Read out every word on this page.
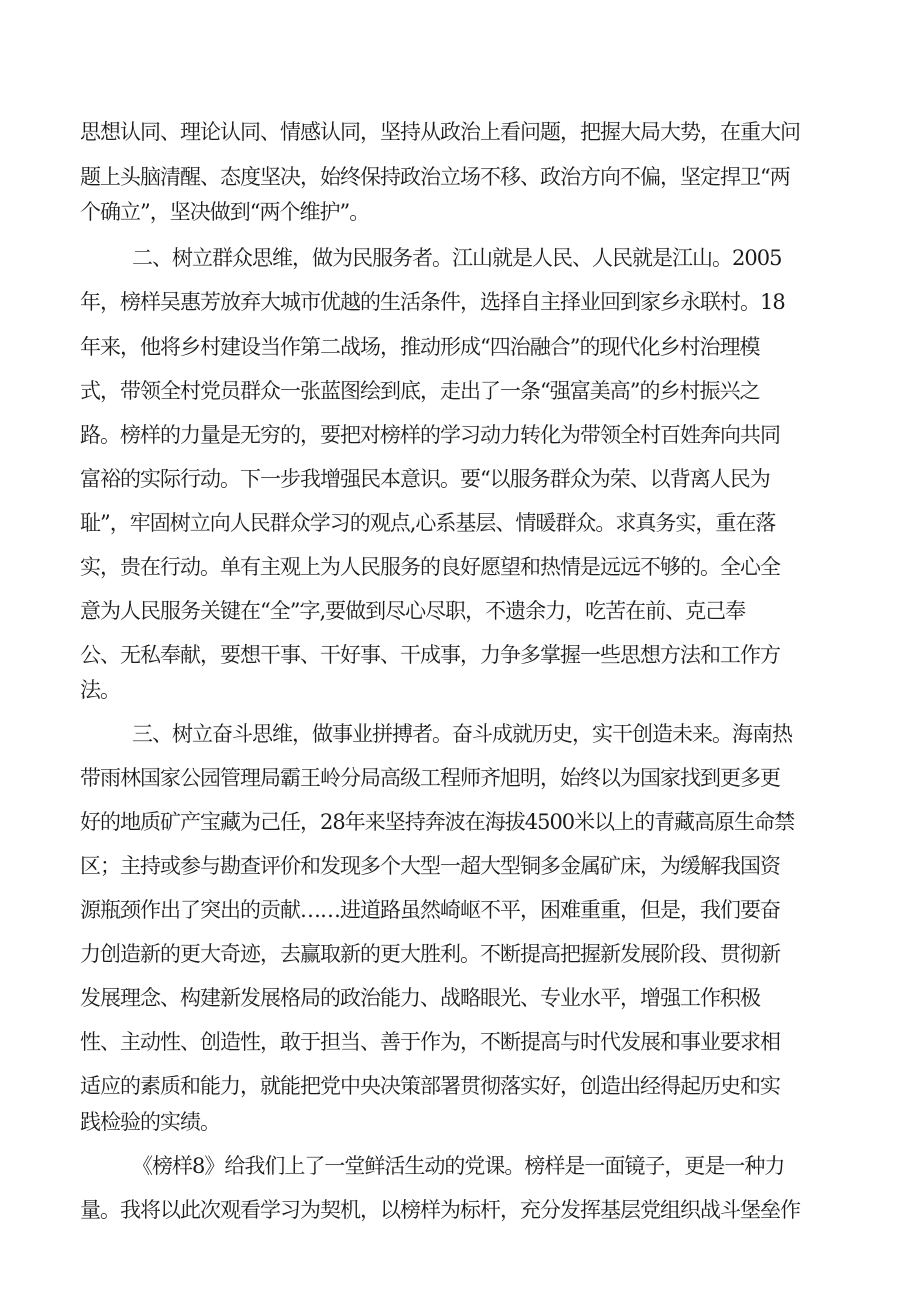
思想认同、理论认同、情感认同，坚持从政治上看问题，把握大局大势，在重大问
题上头脑清醒、态度坚决，始终保持政治立场不移、政治方向不偏，坚定捍卫“两
个确立”，坚决做到“两个维护”。
二、树立群众思维，做为民服务者。江山就是人民、人民就是江山。2005
年，榜样吴惠芳放弃大城市优越的生活条件，选择自主择业回到家乡永联村。18
年来，他将乡村建设当作第二战场，推动形成“四治融合”的现代化乡村治理模
式，带领全村党员群众一张蓝图绘到底，走出了一条“强富美高”的乡村振兴之
路。榜样的力量是无穷的，要把对榜样的学习动力转化为带领全村百姓奔向共同
富裕的实际行动。下一步我增强民本意识。要“以服务群众为荣、以背离人民为
耻”，牢固树立向人民群众学习的观点,心系基层、情暖群众。求真务实，重在落
实，贵在行动。单有主观上为人民服务的良好愿望和热情是远远不够的。全心全
意为人民服务关键在“全”字,要做到尽心尽职，不遗余力，吃苦在前、克己奉
公、无私奉献，要想干事、干好事、干成事，力争多掌握一些思想方法和工作方
法。
三、树立奋斗思维，做事业拼搏者。奋斗成就历史，实干创造未来。海南热
带雨林国家公园管理局霸王岭分局高级工程师齐旭明，始终以为国家找到更多更
好的地质矿产宝藏为己任，28年来坚持奔波在海拔4500米以上的青藏高原生命禁
区；主持或参与勘查评价和发现多个大型一超大型铜多金属矿床，为缓解我国资
源瓶颈作出了突出的贡献……进道路虽然崎岖不平，困难重重，但是，我们要奋
力创造新的更大奇迹，去赢取新的更大胜利。不断提高把握新发展阶段、贯彻新
发展理念、构建新发展格局的政治能力、战略眼光、专业水平，增强工作积极
性、主动性、创造性，敢于担当、善于作为，不断提高与时代发展和事业要求相
适应的素质和能力，就能把党中央决策部署贯彻落实好，创造出经得起历史和实
践检验的实绩。
《榜样8》给我们上了一堂鲜活生动的党课。榜样是一面镜子，更是一种力
量。我将以此次观看学习为契机，以榜样为标杆，充分发挥基层党组织战斗堡垒作
